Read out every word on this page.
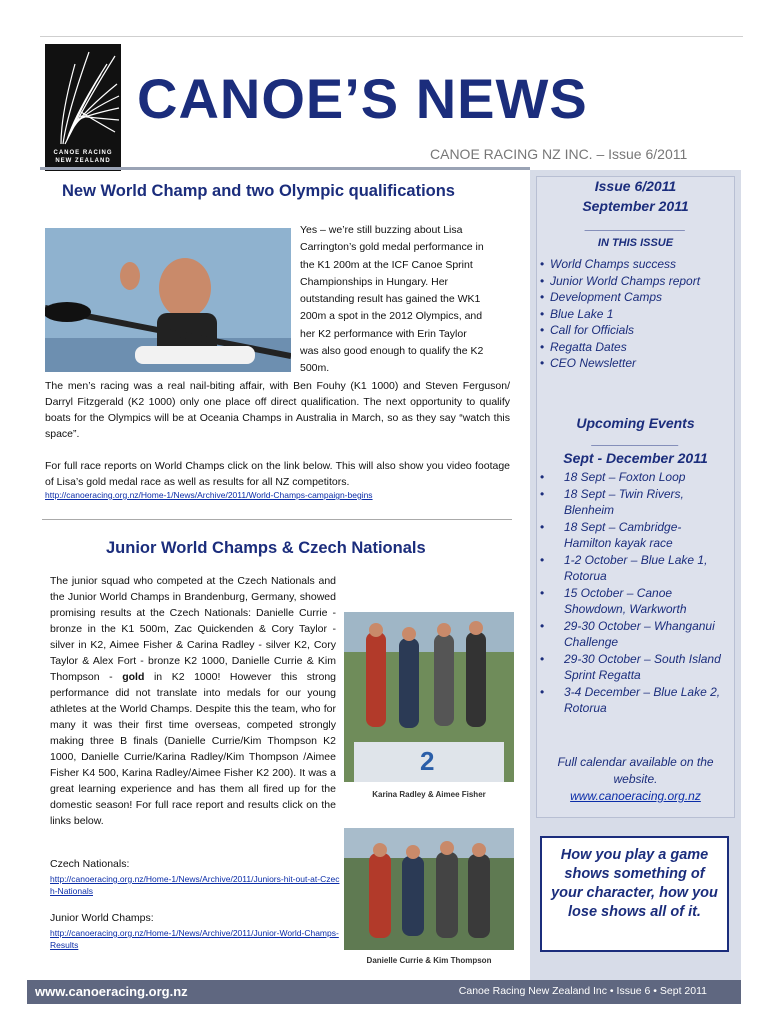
CANOE RACING
NEW ZEALAND
CANOE’S NEWS
CANOE RACING NZ INC. – Issue 6/2011
New World Champ and two Olympic qualifications
Yes – we’re still buzzing about Lisa
Carrington’s gold medal performance in
the K1 200m at the ICF Canoe Sprint
Championships in Hungary. Her
outstanding result has gained the WK1
200m a spot in the 2012 Olympics, and
her K2 performance with Erin Taylor
was also good enough to qualify the K2
500m.
The men’s racing was a real nail-biting affair, with Ben Fouhy (K1 1000) and Steven Ferguson/ Darryl Fitzgerald (K2 1000) only one place off direct qualification. The next opportunity to qualify boats for the Olympics will be at Oceania Champs in Australia in March, so as they say “watch this space”.
For full race reports on World Champs click on the link below. This will also show you video footage of Lisa’s gold medal race as well as results for all NZ competitors.
http://canoeracing.org.nz/Home-1/News/Archive/2011/World-Champs-campaign-begins
Junior World Champs & Czech Nationals
The junior squad who competed at the Czech Nationals and the Junior World Champs in Brandenburg, Germany, showed promising results at the Czech Nationals: Danielle Currie - bronze in the K1 500m, Zac Quickenden & Cory Taylor - silver in K2, Aimee Fisher & Carina Radley - silver K2, Cory Taylor & Alex Fort - bronze K2 1000, Danielle Currie & Kim Thompson - gold in K2 1000! However this strong performance did not translate into medals for our young athletes at the World Champs. Despite this the team, who for many it was their first time overseas, competed strongly making three B finals (Danielle Currie/Kim Thompson K2 1000, Danielle Currie/Karina Radley/Kim Thompson /Aimee Fisher K4 500, Karina Radley/Aimee Fisher K2 200). It was a great learning experience and has them all fired up for the domestic season! For full race report and results click on the links below.
Czech Nationals:
http://canoeracing.org.nz/Home-1/News/Archive/2011/Juniors-hit-out-at-Czech-Nationals
Junior World Champs:
http://canoeracing.org.nz/Home-1/News/Archive/2011/Junior-World-Champs-Results
2
Karina Radley & Aimee Fisher
Danielle Currie & Kim Thompson
Issue 6/2011
September 2011
_______________
IN THIS ISSUE
• World Champs success
• Junior World Champs report
• Development Camps
• Blue Lake 1
• Call for Officials
• Regatta Dates
• CEO Newsletter
Upcoming Events
_____________
Sept - December 2011
• 18 Sept – Foxton Loop
• 18 Sept – Twin Rivers, Blenheim
• 18 Sept – Cambridge-Hamilton kayak race
• 1-2 October – Blue Lake 1, Rotorua
• 15 October – Canoe Showdown, Warkworth
• 29-30 October – Whanganui Challenge
• 29-30 October – South Island Sprint Regatta
• 3-4 December – Blue Lake 2, Rotorua
Full calendar available on the website.
www.canoeracing.org.nz
How you play a game shows something of your character, how you lose shows all of it.
www.canoeracing.org.nz	Canoe Racing New Zealand Inc • Issue 6 • Sept 2011
